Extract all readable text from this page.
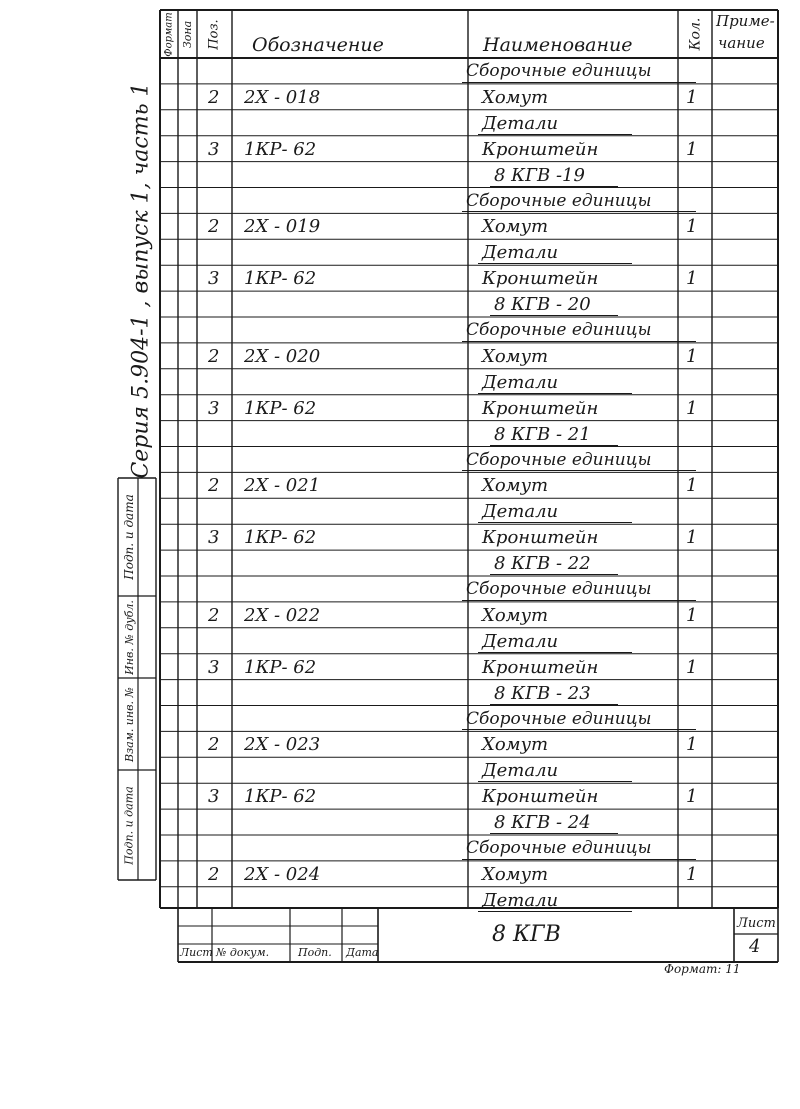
Формат Зона Поз. Обозначение	Наименование	Кол. Приме-
чание
Серия 5.904-1 , выпуск 1, часть 1
Подп. и дата
Инв. № дубл.
Взам. инв. №
Подп. и дата
Сборочные единицы
2 2Х - 018	Хомут	1
Детали
3 1КР- 62	Кронштейн	1
8 КГВ -19
Сборочные единицы
2 2Х - 019	Хомут	1
Детали
3 1КР- 62	Кронштейн	1
8 КГВ - 20
Сборочные единицы
2 2Х - 020	Хомут	1
Детали
3 1КР- 62	Кронштейн	1
8 КГВ - 21
Сборочные единицы
2 2Х - 021	Хомут	1
Детали
3 1КР- 62	Кронштейн	1
8 КГВ - 22
Сборочные единицы
2 2Х - 022	Хомут	1
Детали
3 1КР- 62	Кронштейн	1
8 КГВ - 23
Сборочные единицы
2 2Х - 023	Хомут	1
Детали
3 1КР- 62	Кронштейн	1
8 КГВ - 24
Сборочные единицы
2 2Х - 024	Хомут	1
Детали
8 КГВ	Лист
4
Лист № докум.	Подп. Дата
Формат: 11
